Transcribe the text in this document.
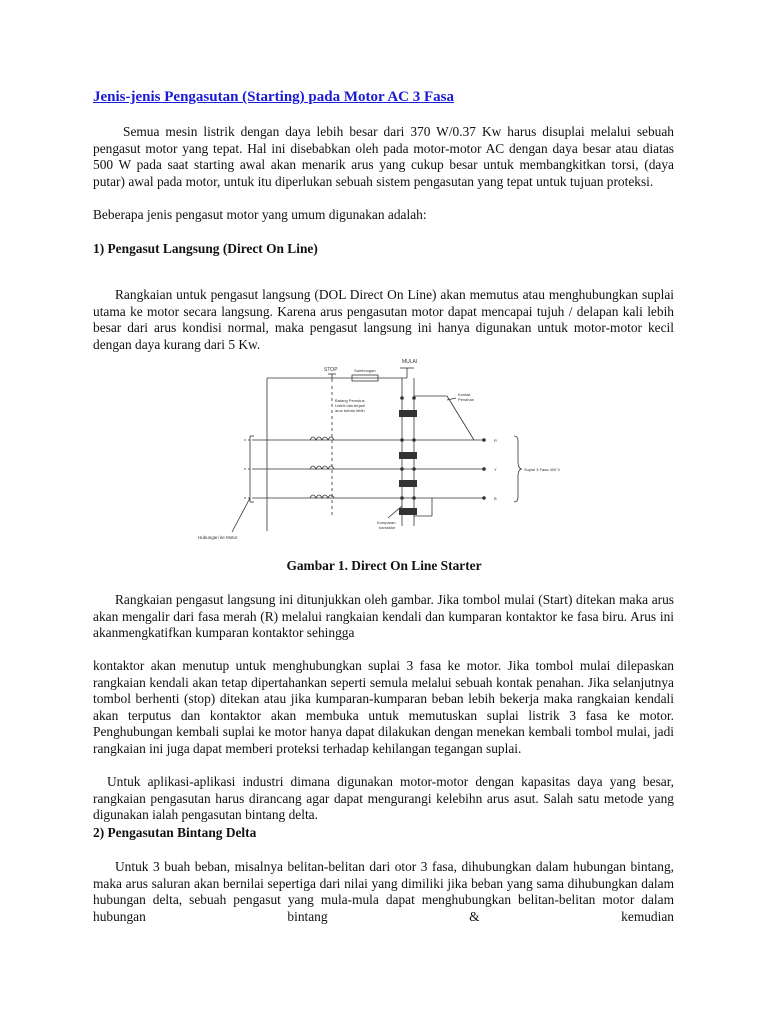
Jenis-jenis Pengasutan (Starting) pada Motor AC 3 Fasa

Semua mesin listrik dengan daya lebih besar dari 370 W/0.37 Kw harus disuplai melalui sebuah pengasut motor yang tepat. Hal ini disebabkan oleh pada motor-motor AC dengan daya besar atau diatas 500 W pada saat starting awal akan menarik arus yang cukup besar untuk membangkitkan torsi, (daya putar) awal pada motor, untuk itu diperlukan sebuah sistem pengasutan yang tepat untuk tujuan proteksi.

Beberapa jenis pengasut motor yang umum digunakan adalah:

1) Pengasut Langsung (Direct On Line)

Rangkaian untuk pengasut langsung (DOL Direct On Line) akan memutus atau menghubungkan suplai utama ke motor secara langsung. Karena arus pengasutan motor dapat mencapai tujuh / delapan kali lebih besar dari arus kondisi normal, maka pengasut langsung ini hanya digunakan untuk motor-motor kecil dengan daya kurang dari 5 Kw.

MULAI
STOP	Sambungan
Batang Pemutus
Listrik bila terjadi
arus beban lebih
Kontak
Penahan
R
Y
B
Suplai 3 Fasa 400 V
Kumparan
kontaktor
Hubungan ke Motor

Gambar 1. Direct On Line Starter

Rangkaian pengasut langsung ini ditunjukkan oleh gambar. Jika tombol mulai (Start) ditekan maka arus akan mengalir dari fasa merah (R) melalui rangkaian kendali dan kumparan kontaktor ke fasa biru. Arus ini akanmengkatifkan kumparan kontaktor sehingga

kontaktor akan menutup untuk menghubungkan suplai 3 fasa ke motor. Jika tombol mulai dilepaskan rangkaian kendali akan tetap dipertahankan seperti semula melalui sebuah kontak penahan. Jika selanjutnya tombol berhenti (stop) ditekan atau jika kumparan-kumparan beban lebih bekerja maka rangkaian kendali akan terputus dan kontaktor akan membuka untuk memutuskan suplai listrik 3 fasa ke motor. Penghubungan kembali suplai ke motor hanya dapat dilakukan dengan menekan kembali tombol mulai, jadi rangkaian ini juga dapat memberi proteksi terhadap kehilangan tegangan suplai.

Untuk aplikasi-aplikasi industri dimana digunakan motor-motor dengan kapasitas daya yang besar, rangkaian pengasutan harus dirancang agar dapat mengurangi kelebihn arus asut. Salah satu metode yang digunakan ialah pengasutan bintang delta.

2) Pengasutan Bintang Delta

Untuk 3 buah beban, misalnya belitan-belitan dari otor 3 fasa, dihubungkan dalam hubungan bintang, maka arus saluran akan bernilai sepertiga dari nilai yang dimiliki jika beban yang sama dihubungkan dalam hubungan delta, sebuah pengasut yang mula-mula dapat menghubungkan belitan-belitan motor dalam hubungan bintang & kemudian
